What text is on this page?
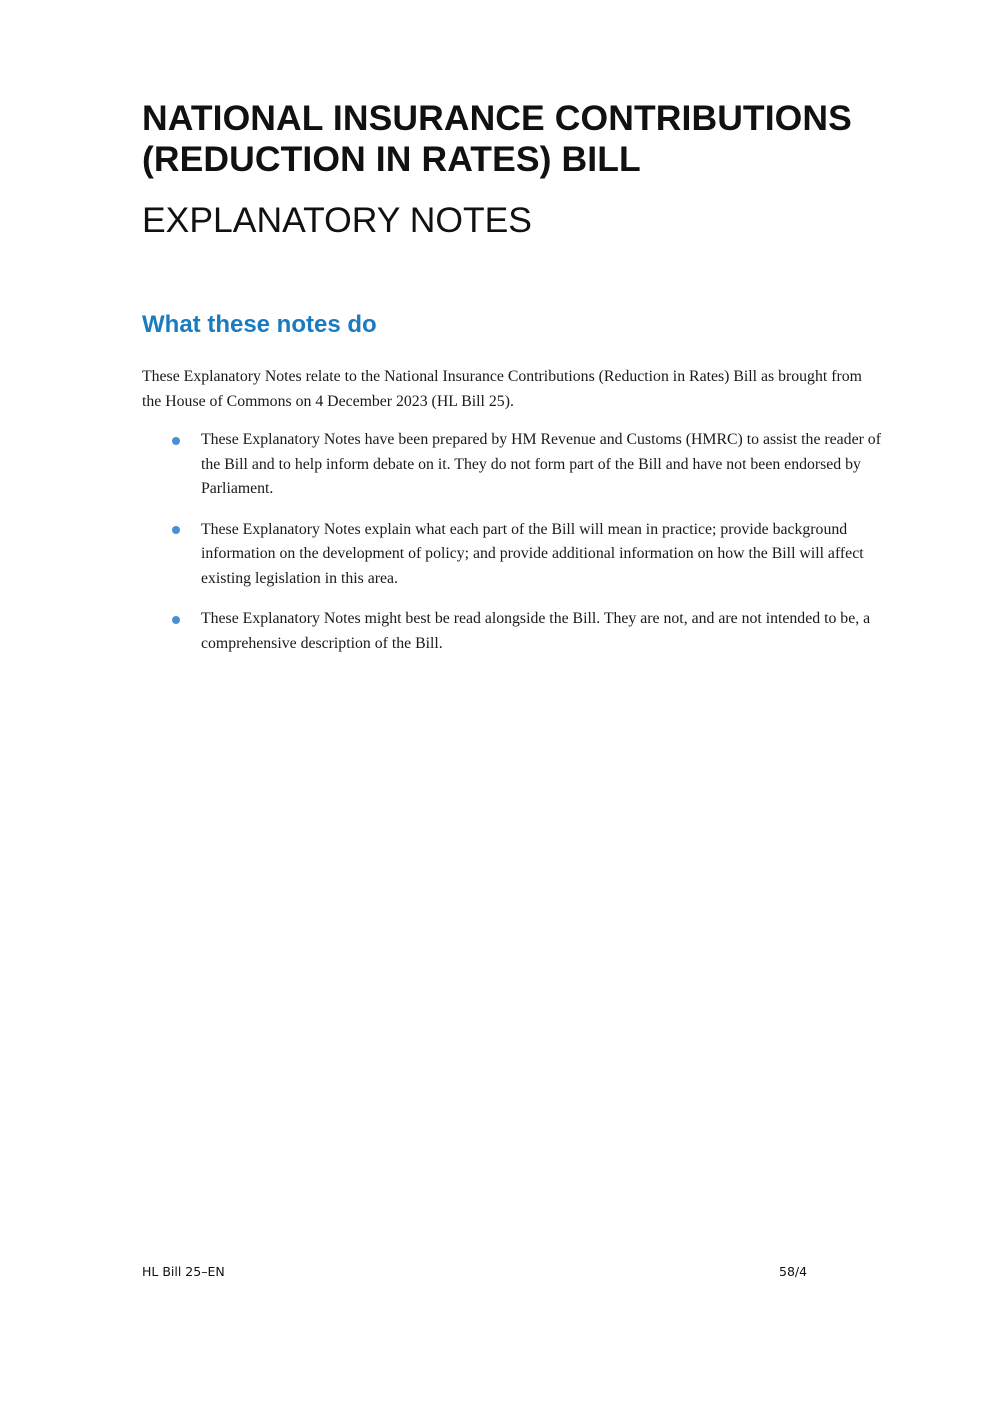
NATIONAL INSURANCE CONTRIBUTIONS (REDUCTION IN RATES) BILL
EXPLANATORY NOTES
What these notes do

These Explanatory Notes relate to the National Insurance Contributions (Reduction in Rates) Bill as brought from the House of Commons on 4 December 2023 (HL Bill 25).

These Explanatory Notes have been prepared by HM Revenue and Customs (HMRC) to assist the reader of the Bill and to help inform debate on it. They do not form part of the Bill and have not been endorsed by Parliament.
These Explanatory Notes explain what each part of the Bill will mean in practice; provide background information on the development of policy; and provide additional information on how the Bill will affect existing legislation in this area.
These Explanatory Notes might best be read alongside the Bill. They are not, and are not intended to be, a comprehensive description of the Bill.
HL Bill 25–EN	58/4
